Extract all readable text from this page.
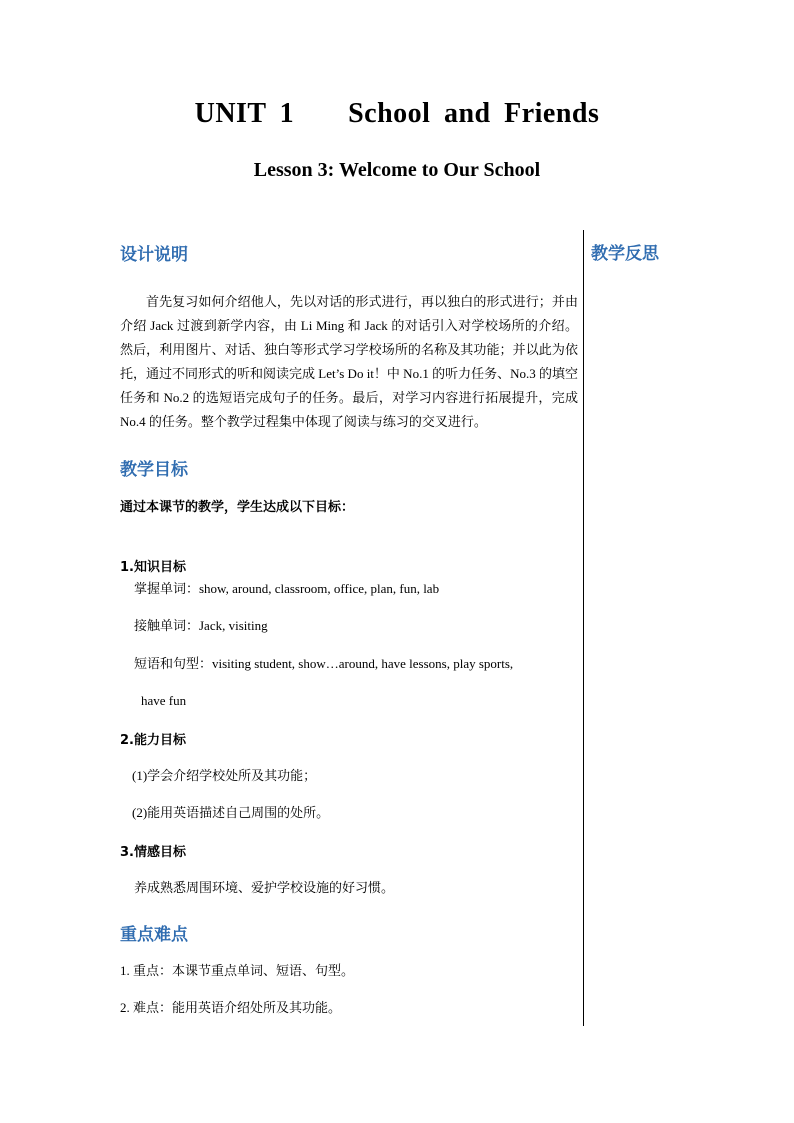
UNIT 1    School and Friends
Lesson 3: Welcome to Our School
教学反思
设计说明

首先复习如何介绍他人，先以对话的形式进行，再以独白的形式进行；并由介绍 Jack 过渡到新学内容，由 Li Ming 和 Jack 的对话引入对学校场所的介绍。然后，利用图片、对话、独白等形式学习学校场所的名称及其功能；并以此为依托，通过不同形式的听和阅读完成 Let’s Do it！中 No.1 的听力任务、No.3 的填空任务和 No.2 的选短语完成句子的任务。最后，对学习内容进行拓展提升，完成 No.4 的任务。整个教学过程集中体现了阅读与练习的交叉进行。

教学目标
通过本课节的教学，学生达成以下目标：
1.知识目标
掌握单词：show, around, classroom, office, plan, fun, lab
接触单词：Jack, visiting
短语和句型：visiting student, show…around, have lessons, play sports,
have fun
2.能力目标
(1)学会介绍学校处所及其功能；
(2)能用英语描述自己周围的处所。
3.情感目标
养成熟悉周围环境、爱护学校设施的好习惯。
重点难点
1. 重点：本课节重点单词、短语、句型。
2. 难点：能用英语介绍处所及其功能。
